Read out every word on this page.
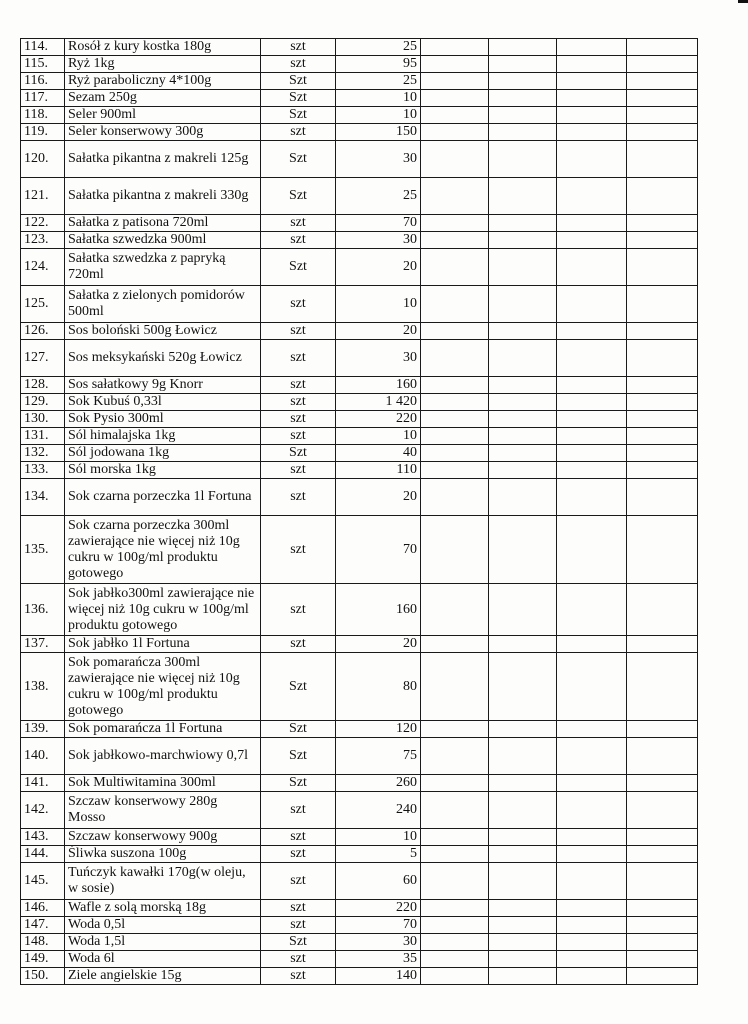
114.	Rosół z kury kostka 180g	szt	25				
115.	Ryż 1kg	szt	95				
116.	Ryż paraboliczny 4*100g	Szt	25				
117.	Sezam 250g	Szt	10				
118.	Seler 900ml	Szt	10				
119.	Seler konserwowy 300g	szt	150				
120.	Sałatka pikantna z makreli 125g	Szt	30				
121.	Sałatka pikantna z makreli 330g	Szt	25				
122.	Sałatka z patisona 720ml	szt	70				
123.	Sałatka szwedzka 900ml	szt	30				
124.	Sałatka szwedzka z papryką 720ml	Szt	20				
125.	Sałatka z zielonych pomidorów 500ml	szt	10				
126.	Sos boloński 500g Łowicz	szt	20				
127.	Sos meksykański 520g Łowicz	szt	30				
128.	Sos sałatkowy 9g Knorr	szt	160				
129.	Sok Kubuś 0,33l	szt	1 420				
130.	Sok Pysio 300ml	szt	220				
131.	Sól himalajska 1kg	szt	10				
132.	Sól jodowana 1kg	Szt	40				
133.	Sól morska 1kg	szt	110				
134.	Sok czarna porzeczka 1l Fortuna	szt	20				
135.	Sok czarna porzeczka 300ml zawierające nie więcej niż 10g cukru w 100g/ml produktu gotowego	szt	70				
136.	Sok jabłko300ml zawierające nie więcej niż 10g cukru w 100g/ml produktu gotowego	szt	160				
137.	Sok jabłko 1l Fortuna	szt	20				
138.	Sok pomarańcza 300ml zawierające nie więcej niż 10g cukru w 100g/ml produktu gotowego	Szt	80				
139.	Sok pomarańcza 1l Fortuna	Szt	120				
140.	Sok jabłkowo-marchwiowy 0,7l	Szt	75				
141.	Sok Multiwitamina 300ml	Szt	260				
142.	Szczaw konserwowy 280g Mosso	szt	240				
143.	Szczaw konserwowy 900g	szt	10				
144.	Śliwka suszona 100g	szt	5				
145.	Tuńczyk kawałki 170g(w oleju, w sosie)	szt	60				
146.	Wafle z solą morską 18g	szt	220				
147.	Woda 0,5l	szt	70				
148.	Woda 1,5l	Szt	30				
149.	Woda 6l	szt	35				
150.	Ziele angielskie 15g	szt	140				
